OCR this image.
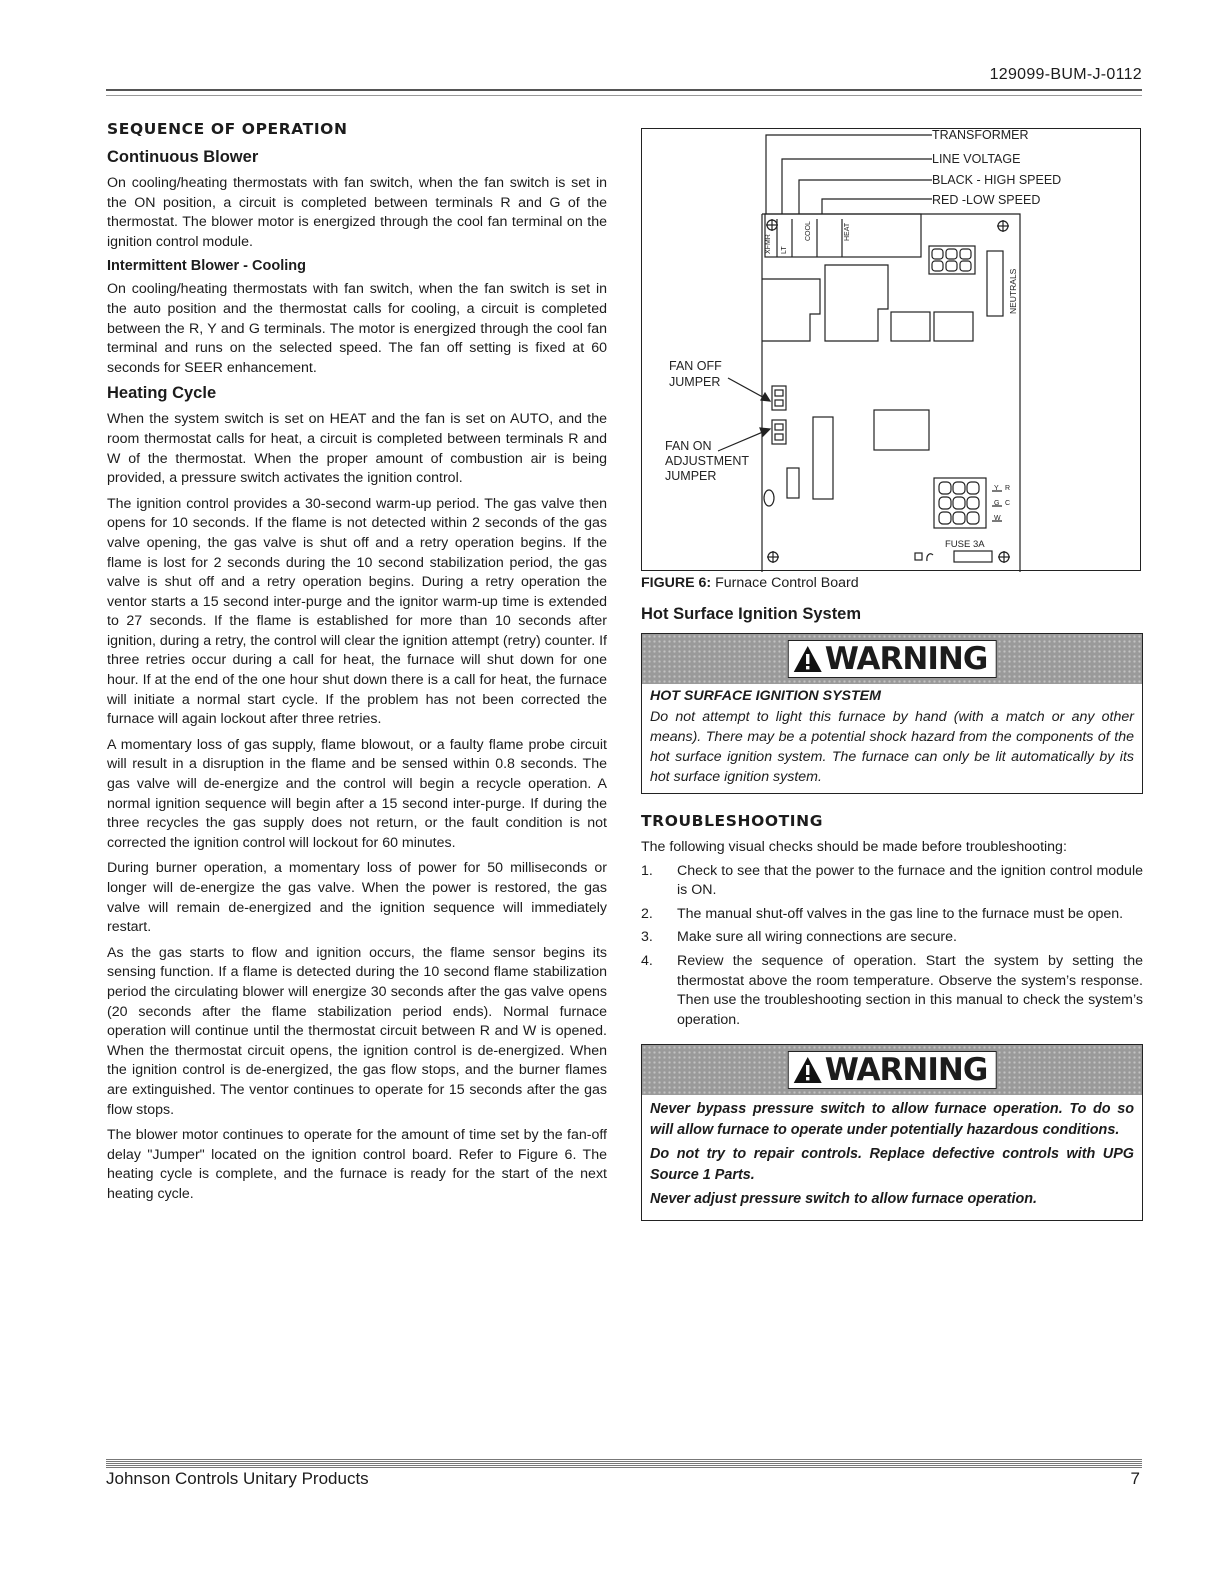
129099-BUM-J-0112
SEQUENCE OF OPERATION
Continuous Blower

On cooling/heating thermostats with fan switch, when the fan switch is set in the ON position, a circuit is completed between terminals R and G of the thermostat. The blower motor is energized through the cool fan terminal on the ignition control module.

Intermittent Blower - Cooling

On cooling/heating thermostats with fan switch, when the fan switch is set in the auto position and the thermostat calls for cooling, a circuit is completed between the R, Y and G terminals. The motor is energized through the cool fan terminal and runs on the selected speed. The fan off setting is fixed at 60 seconds for SEER enhancement.

Heating Cycle

When the system switch is set on HEAT and the fan is set on AUTO, and the room thermostat calls for heat, a circuit is completed between terminals R and W of the thermostat. When the proper amount of combustion air is being provided, a pressure switch activates the ignition control.

The ignition control provides a 30-second warm-up period. The gas valve then opens for 10 seconds. If the flame is not detected within 2 seconds of the gas valve opening, the gas valve is shut off and a retry operation begins. If the flame is lost for 2 seconds during the 10 second stabilization period, the gas valve is shut off and a retry operation begins. During a retry operation the ventor starts a 15 second inter-purge and the ignitor warm-up time is extended to 27 seconds. If the flame is established for more than 10 seconds after ignition, during a retry, the control will clear the ignition attempt (retry) counter. If three retries occur during a call for heat, the furnace will shut down for one hour. If at the end of the one hour shut down there is a call for heat, the furnace will initiate a normal start cycle. If the problem has not been corrected the furnace will again lockout after three retries.

A momentary loss of gas supply, flame blowout, or a faulty flame probe circuit will result in a disruption in the flame and be sensed within 0.8 seconds. The gas valve will de-energize and the control will begin a recycle operation. A normal ignition sequence will begin after a 15 second inter-purge. If during the three recycles the gas supply does not return, or the fault condition is not corrected the ignition control will lockout for 60 minutes.

During burner operation, a momentary loss of power for 50 milliseconds or longer will de-energize the gas valve. When the power is restored, the gas valve will remain de-energized and the ignition sequence will immediately restart.

As the gas starts to flow and ignition occurs, the flame sensor begins its sensing function. If a flame is detected during the 10 second flame stabilization period the circulating blower will energize 30 seconds after the gas valve opens (20 seconds after the flame stabilization period ends). Normal furnace operation will continue until the thermostat circuit between R and W is opened. When the thermostat circuit opens, the ignition control is de-energized. When the ignition control is de-energized, the gas flow stops, and the burner flames are extinguished. The ventor continues to operate for 15 seconds after the gas flow stops.

The blower motor continues to operate for the amount of time set by the fan-off delay "Jumper" located on the ignition control board. Refer to Figure 6. The heating cycle is complete, and the furnace is ready for the start of the next heating cycle.

TRANSFORMER
LINE VOLTAGE
BLACK - HIGH SPEED
RED -LOW SPEED
XFMR LT
COOL	HEAT
NEUTRALS
FAN OFF
JUMPER
FAN ON
ADJUSTMENT
JUMPER
Y R
G C
W
FUSE 3A
FIGURE 6: Furnace Control Board
Hot Surface Ignition System
WARNING

HOT SURFACE IGNITION SYSTEM

Do not attempt to light this furnace by hand (with a match or any other means). There may be a potential shock hazard from the components of the hot surface ignition system. The furnace can only be lit automatically by its hot surface ignition system.

TROUBLESHOOTING

The following visual checks should be made before troubleshooting:

1.	Check to see that the power to the furnace and the ignition control module is ON.
2.	The manual shut-off valves in the gas line to the furnace must be open.
3.	Make sure all wiring connections are secure.
4.	Review the sequence of operation. Start the system by setting the thermostat above the room temperature. Observe the system’s response. Then use the troubleshooting section in this manual to check the system’s operation.
WARNING

Never bypass pressure switch to allow furnace operation. To do so will allow furnace to operate under potentially hazardous conditions.

Do not try to repair controls. Replace defective controls with UPG Source 1 Parts.

Never adjust pressure switch to allow furnace operation.

Johnson Controls Unitary Products	7
